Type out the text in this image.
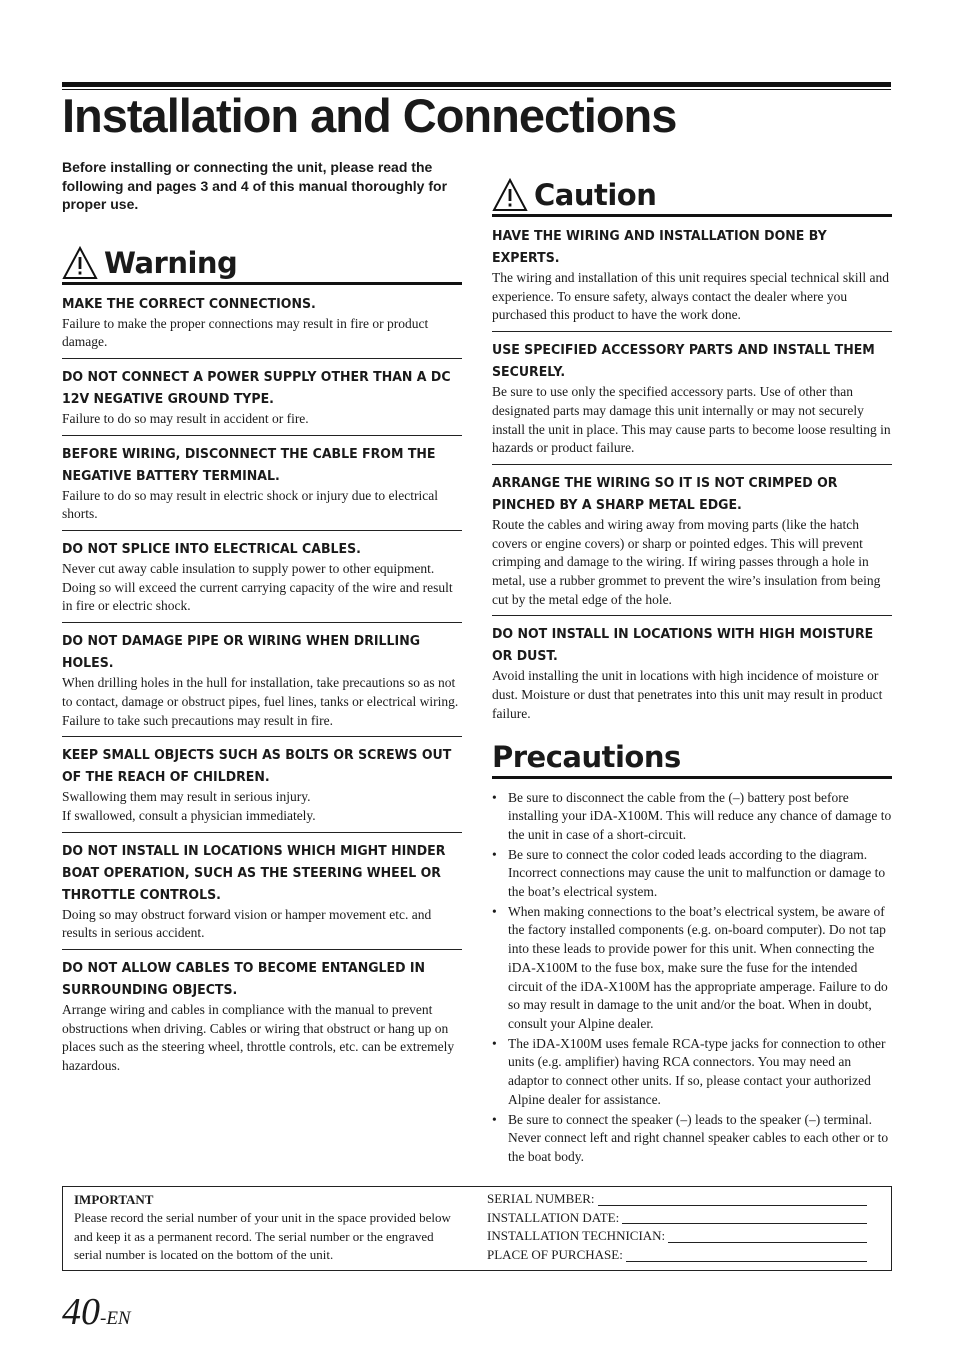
Installation and Connections

Before installing or connecting the unit, please read the following and pages 3 and 4 of this manual thoroughly for proper use.

Warning

MAKE THE CORRECT CONNECTIONS.

Failure to make the proper connections may result in fire or product damage.

DO NOT CONNECT A POWER SUPPLY OTHER THAN A DC 12V NEGATIVE GROUND TYPE.

Failure to do so may result in accident or fire.

BEFORE WIRING, DISCONNECT THE CABLE FROM THE NEGATIVE BATTERY TERMINAL.

Failure to do so may result in electric shock or injury due to electrical shorts.

DO NOT SPLICE INTO ELECTRICAL CABLES.

Never cut away cable insulation to supply power to other equipment. Doing so will exceed the current carrying capacity of the wire and result in fire or electric shock.

DO NOT DAMAGE PIPE OR WIRING WHEN DRILLING HOLES.

When drilling holes in the hull for installation, take precautions so as not to contact, damage or obstruct pipes, fuel lines, tanks or electrical wiring. Failure to take such precautions may result in fire.

KEEP SMALL OBJECTS SUCH AS BOLTS OR SCREWS OUT OF THE REACH OF CHILDREN.

Swallowing them may result in serious injury.

If swallowed, consult a physician immediately.

DO NOT INSTALL IN LOCATIONS WHICH MIGHT HINDER BOAT OPERATION, SUCH AS THE STEERING WHEEL OR THROTTLE CONTROLS.

Doing so may obstruct forward vision or hamper movement etc. and results in serious accident.

DO NOT ALLOW CABLES TO BECOME ENTANGLED IN SURROUNDING OBJECTS.

Arrange wiring and cables in compliance with the manual to prevent obstructions when driving. Cables or wiring that obstruct or hang up on places such as the steering wheel, throttle controls, etc. can be extremely hazardous.

Caution

HAVE THE WIRING AND INSTALLATION DONE BY EXPERTS.

The wiring and installation of this unit requires special technical skill and experience. To ensure safety, always contact the dealer where you purchased this product to have the work done.

USE SPECIFIED ACCESSORY PARTS AND INSTALL THEM SECURELY.

Be sure to use only the specified accessory parts. Use of other than designated parts may damage this unit internally or may not securely install the unit in place. This may cause parts to become loose resulting in hazards or product failure.

ARRANGE THE WIRING SO IT IS NOT CRIMPED OR PINCHED BY A SHARP METAL EDGE.

Route the cables and wiring away from moving parts (like the hatch covers or engine covers) or sharp or pointed edges. This will prevent crimping and damage to the wiring. If wiring passes through a hole in metal, use a rubber grommet to prevent the wire’s insulation from being cut by the metal edge of the hole.

DO NOT INSTALL IN LOCATIONS WITH HIGH MOISTURE OR DUST.

Avoid installing the unit in locations with high incidence of moisture or dust. Moisture or dust that penetrates into this unit may result in product failure.

Precautions
• Be sure to disconnect the cable from the (–) battery post before installing your iDA-X100M. This will reduce any chance of damage to the unit in case of a short-circuit.
• Be sure to connect the color coded leads according to the diagram. Incorrect connections may cause the unit to malfunction or damage to the boat’s electrical system.
• When making connections to the boat’s electrical system, be aware of the factory installed components (e.g. on-board computer). Do not tap into these leads to provide power for this unit. When connecting the iDA-X100M to the fuse box, make sure the fuse for the intended circuit of the iDA-X100M has the appropriate amperage. Failure to do so may result in damage to the unit and/or the boat. When in doubt, consult your Alpine dealer.
• The iDA-X100M uses female RCA-type jacks for connection to other units (e.g. amplifier) having RCA connectors. You may need an adaptor to connect other units. If so, please contact your authorized Alpine dealer for assistance.
• Be sure to connect the speaker (–) leads to the speaker (–) terminal. Never connect left and right channel speaker cables to each other or to the boat body.

IMPORTANT

Please record the serial number of your unit in the space provided below and keep it as a permanent record. The serial number or the engraved serial number is located on the bottom of the unit.

SERIAL NUMBER:
INSTALLATION DATE:
INSTALLATION TECHNICIAN:
PLACE OF PURCHASE:
40-EN
